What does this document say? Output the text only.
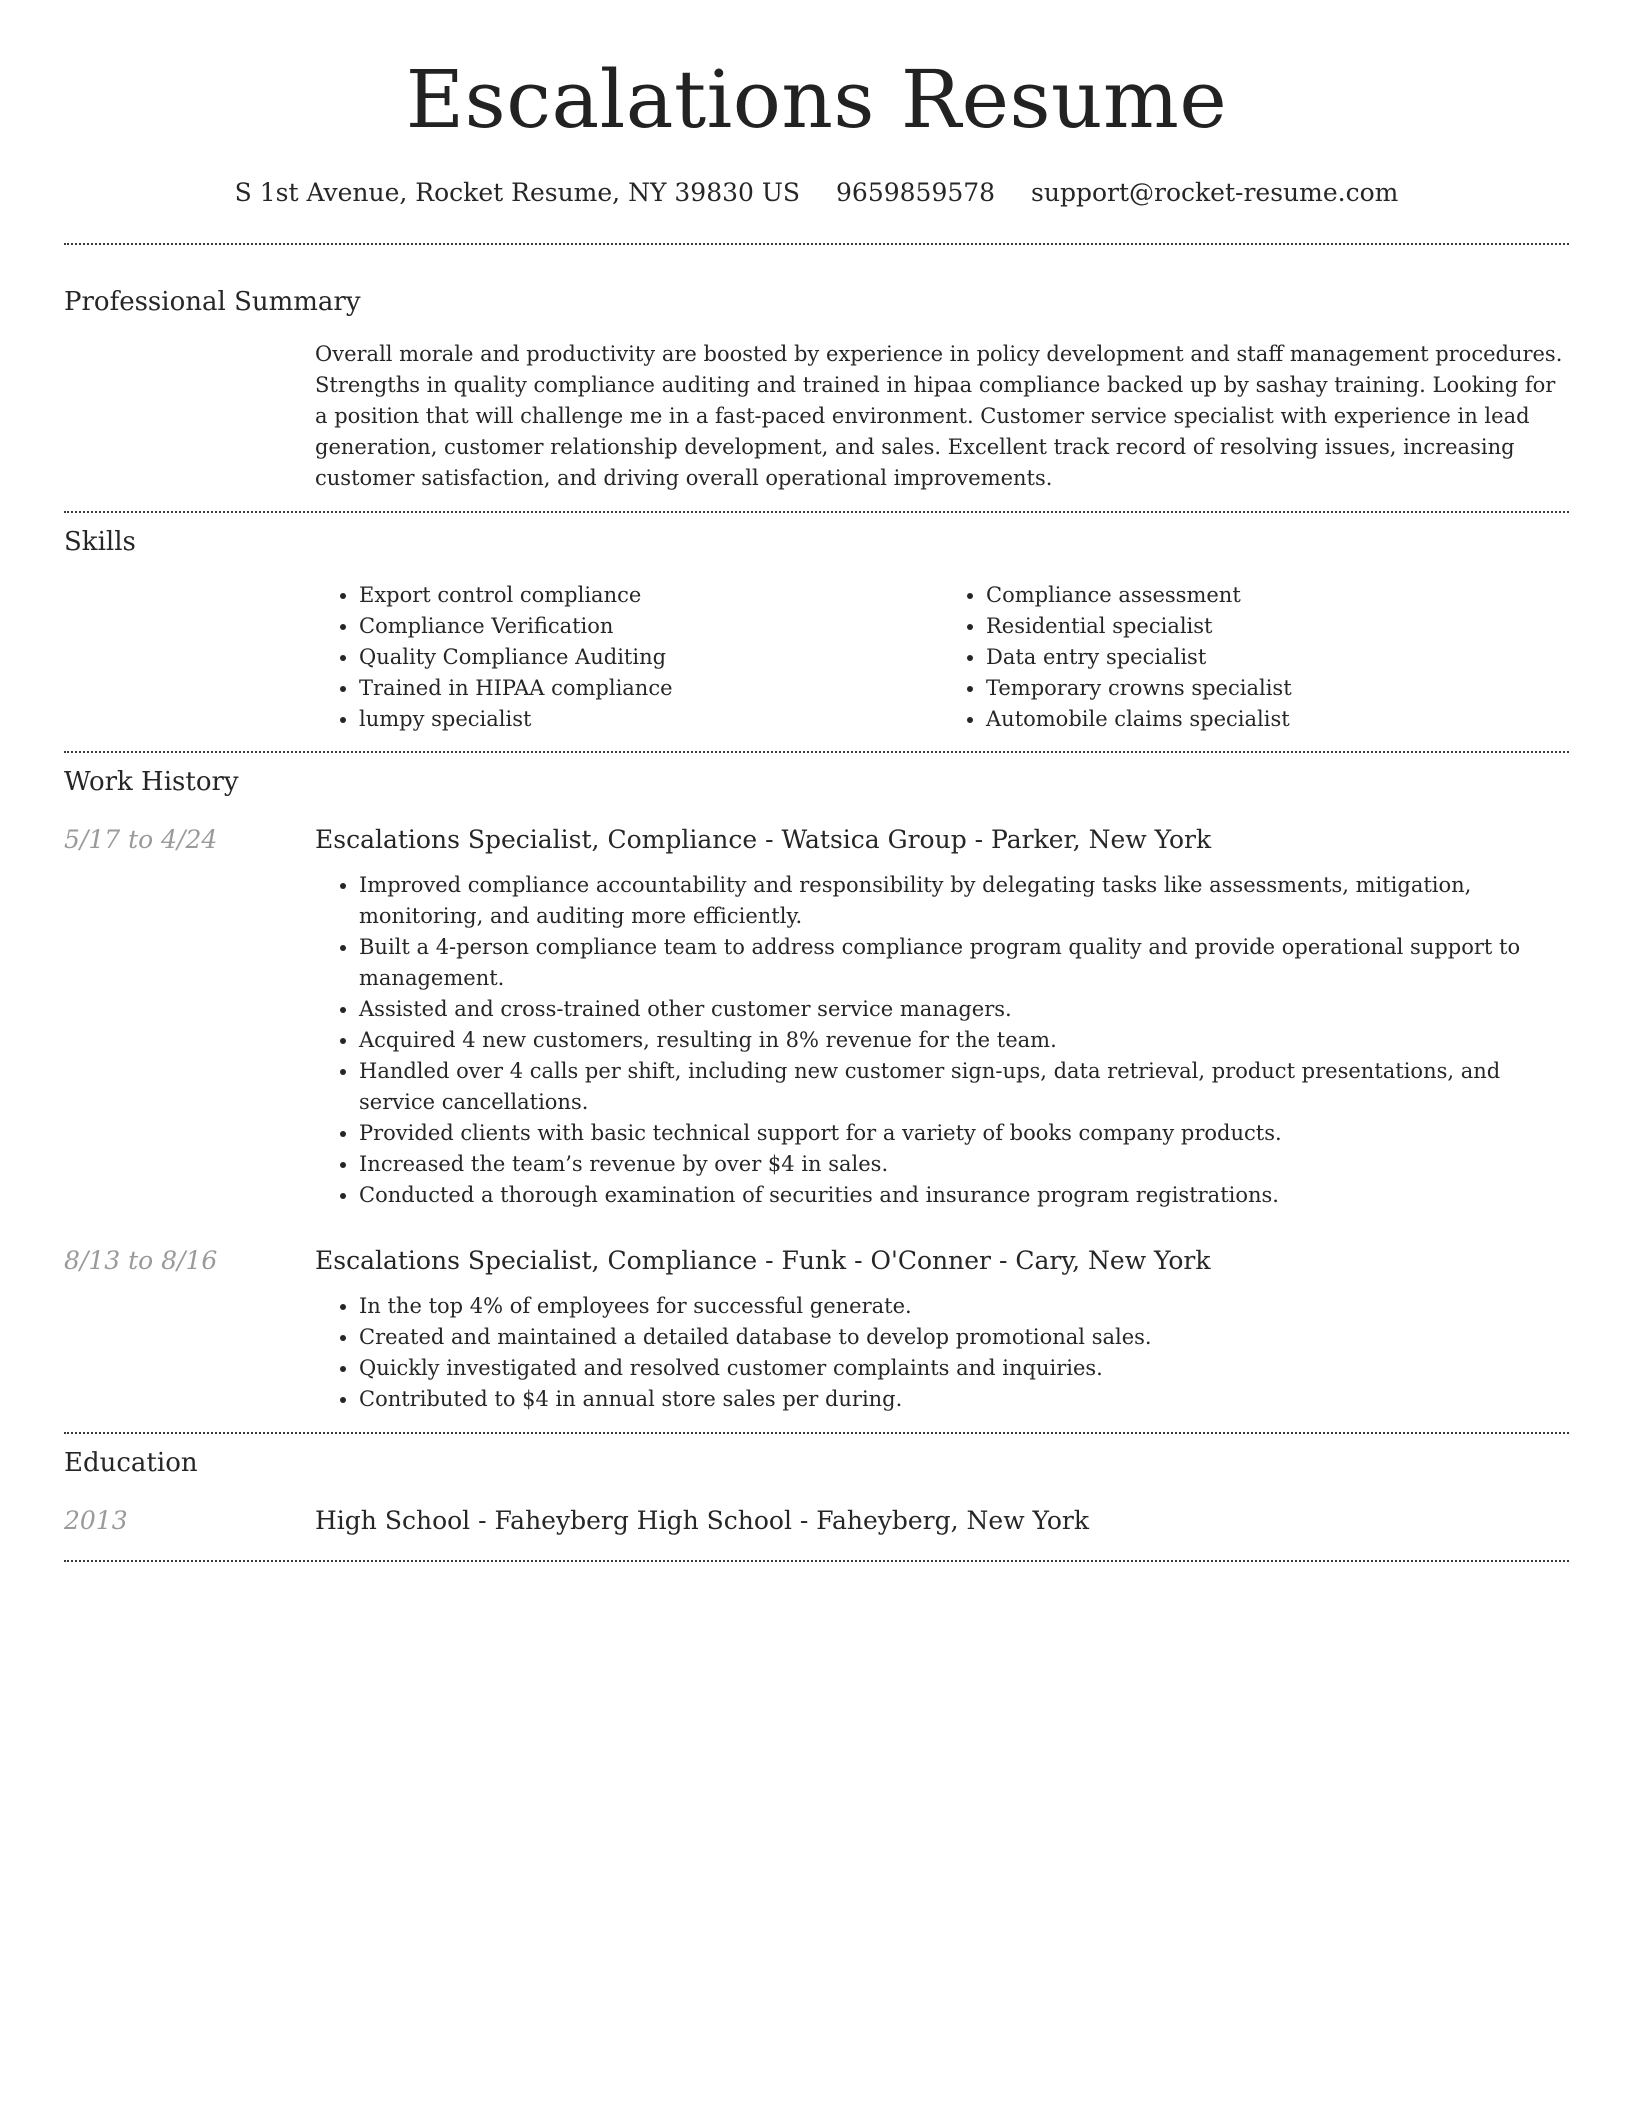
Escalations Resume
S 1st Avenue, Rocket Resume, NY 39830 US 9659859578 support@rocket-resume.com
Professional Summary
Overall morale and productivity are boosted by experience in policy development and staff management procedures. Strengths in quality compliance auditing and trained in hipaa compliance backed up by sashay training. Looking for a position that will challenge me in a fast-paced environment. Customer service specialist with experience in lead generation, customer relationship development, and sales. Excellent track record of resolving issues, increasing customer satisfaction, and driving overall operational improvements.
Skills
• Export control compliance
• Compliance Verification
• Quality Compliance Auditing
• Trained in HIPAA compliance
• lumpy specialist
• Compliance assessment
• Residential specialist
• Data entry specialist
• Temporary crowns specialist
• Automobile claims specialist
Work History
5/17 to 4/24	Escalations Specialist, Compliance - Watsica Group - Parker, New York
• Improved compliance accountability and responsibility by delegating tasks like assessments, mitigation, monitoring, and auditing more efficiently.
• Built a 4-person compliance team to address compliance program quality and provide operational support to management.
• Assisted and cross-trained other customer service managers.
• Acquired 4 new customers, resulting in 8% revenue for the team.
• Handled over 4 calls per shift, including new customer sign-ups, data retrieval, product presentations, and service cancellations.
• Provided clients with basic technical support for a variety of books company products.
• Increased the team’s revenue by over $4 in sales.
• Conducted a thorough examination of securities and insurance program registrations.
8/13 to 8/16	Escalations Specialist, Compliance - Funk - O'Conner - Cary, New York
• In the top 4% of employees for successful generate.
• Created and maintained a detailed database to develop promotional sales.
• Quickly investigated and resolved customer complaints and inquiries.
• Contributed to $4 in annual store sales per during.
Education
2013	High School - Faheyberg High School - Faheyberg, New York
